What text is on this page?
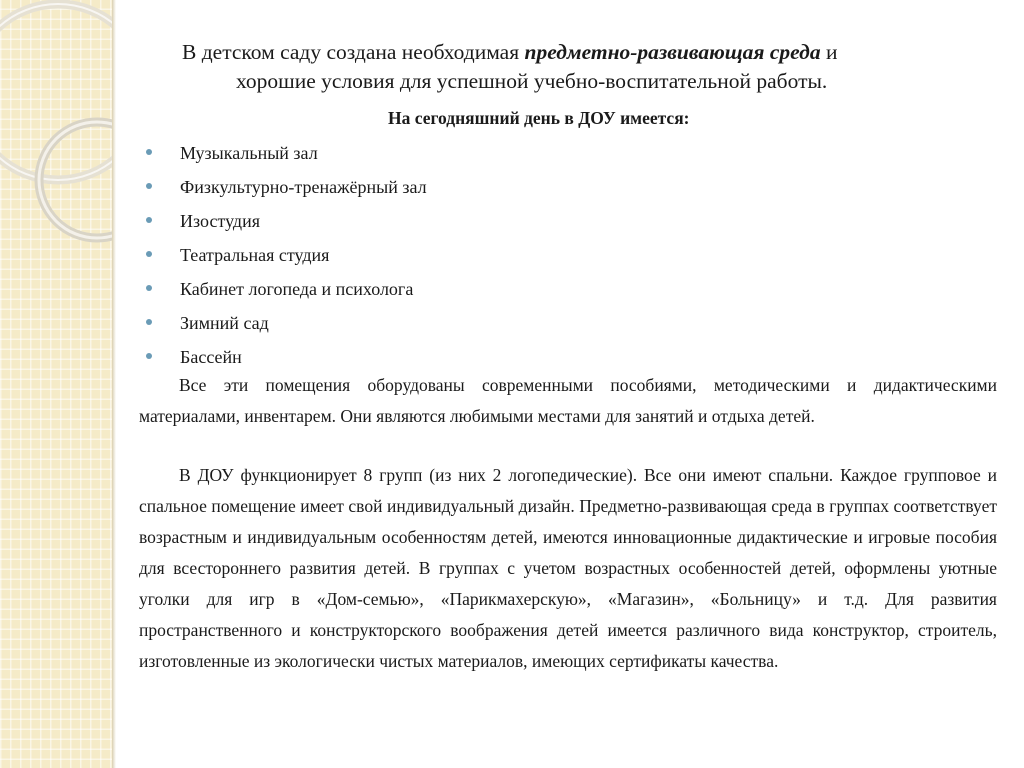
В детском саду создана необходимая предметно-развивающая среда и
хорошие условия для успешной учебно-воспитательной работы.
На сегодняшний день в ДОУ имеется:
Музыкальный зал
Физкультурно-тренажёрный зал
Изостудия
Театральная студия
Кабинет логопеда и психолога
Зимний сад
Бассейн

Все эти помещения оборудованы современными пособиями, методическими и дидактическими материалами, инвентарем. Они являются любимыми местами для занятий и отдыха детей.

В ДОУ функционирует 8 групп (из них 2 логопедические). Все они имеют спальни. Каждое групповое и спальное помещение имеет свой индивидуальный дизайн. Предметно-развивающая среда в группах соответствует возрастным и индивидуальным особенностям детей, имеются инновационные дидактические и игровые пособия для всестороннего развития детей. В группах с учетом возрастных особенностей детей, оформлены уютные уголки для игр в «Дом-семью», «Парикмахерскую», «Магазин», «Больницу» и т.д. Для развития пространственного и конструкторского воображения детей имеется различного вида конструктор, строитель, изготовленные из экологически чистых материалов, имеющих сертификаты качества.
